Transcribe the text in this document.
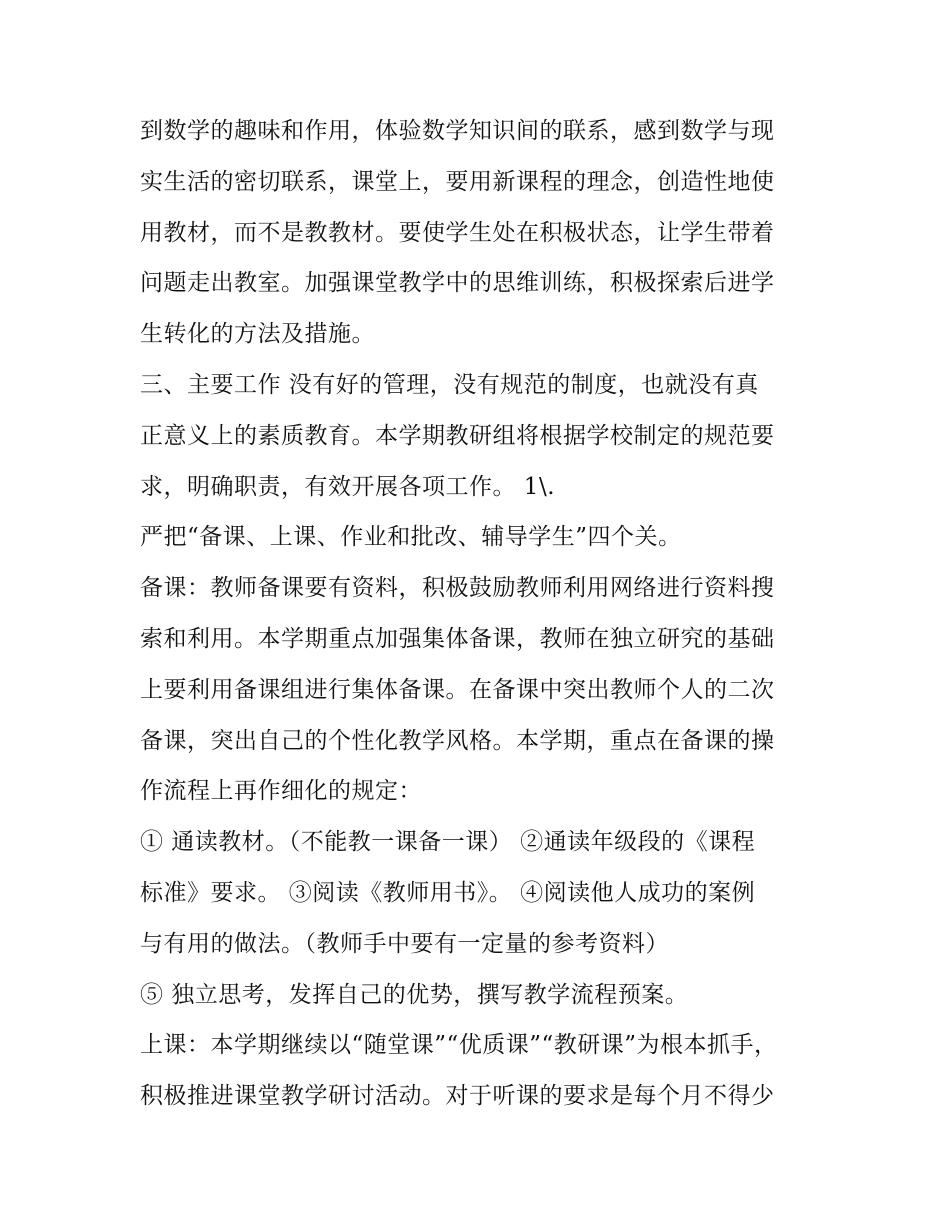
到数学的趣味和作用，体验数学知识间的联系，感到数学与现
实生活的密切联系，课堂上，要用新课程的理念，创造性地使
用教材，而不是教教材。要使学生处在积极状态，让学生带着
问题走出教室。加强课堂教学中的思维训练，积极探索后进学
生转化的方法及措施。
三、主要工作 没有好的管理，没有规范的制度，也就没有真
正意义上的素质教育。本学期教研组将根据学校制定的规范要
求，明确职责，有效开展各项工作。 1\.
严把“备课、上课、作业和批改、辅导学生”四个关。
备课：教师备课要有资料，积极鼓励教师利用网络进行资料搜
索和利用。本学期重点加强集体备课，教师在独立研究的基础
上要利用备课组进行集体备课。在备课中突出教师个人的二次
备课，突出自己的个性化教学风格。本学期，重点在备课的操
作流程上再作细化的规定：
① 通读教材。（不能教一课备一课） ②通读年级段的《课程
标准》要求。 ③阅读《教师用书》。 ④阅读他人成功的案例
与有用的做法。（教师手中要有一定量的参考资料）
⑤ 独立思考，发挥自己的优势，撰写教学流程预案。
上课：本学期继续以“随堂课”“优质课”“教研课”为根本抓手，
积极推进课堂教学研讨活动。对于听课的要求是每个月不得少
